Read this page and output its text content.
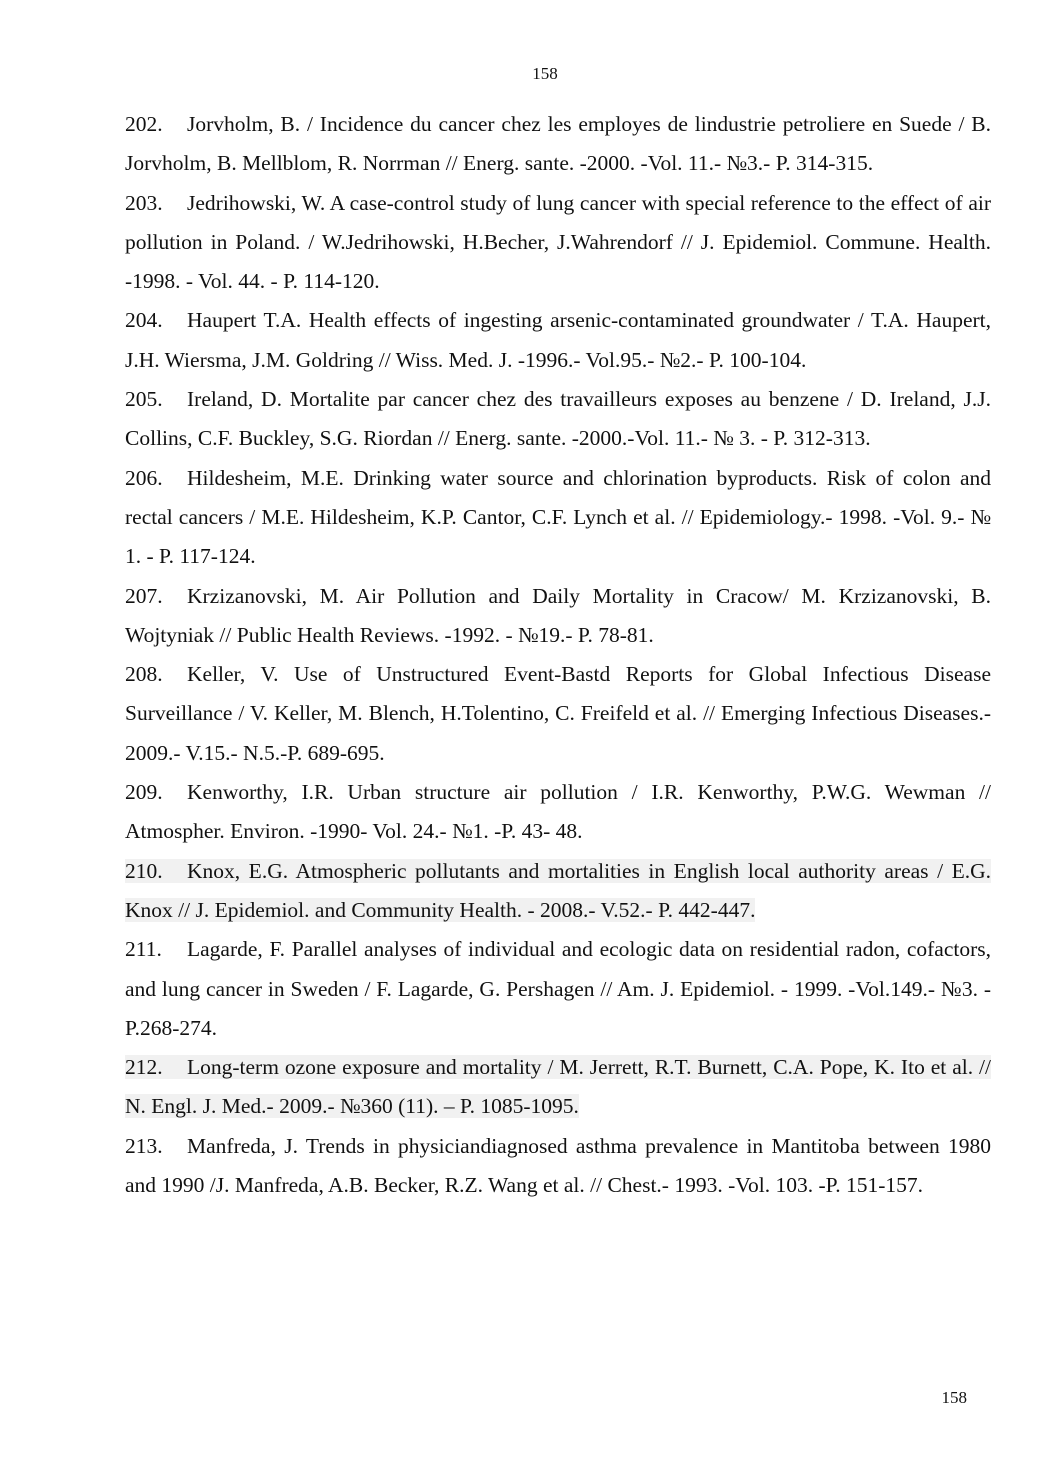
158
202. Jorvholm, B. / Incidence du cancer chez les employes de lindustrie petroliere en Suede / B. Jorvholm, B. Mellblom, R. Norrman // Energ. sante. -2000. -Vol. 11.- №3.- P. 314-315.
203. Jedrihowski, W. A case-control study of lung cancer with special reference to the effect of air pollution in Poland. / W.Jedrihowski, H.Becher, J.Wahrendorf // J. Epidemiol. Commune. Health. -1998. - Vol. 44. - P. 114-120.
204. Haupert T.A. Health effects of ingesting arsenic-contaminated groundwater / T.A. Haupert, J.H. Wiersma, J.M. Goldring // Wiss. Med. J. -1996.- Vol.95.- №2.- P. 100-104.
205. Ireland, D. Mortalite par cancer chez des travailleurs exposes au benzene / D. Ireland, J.J. Collins, C.F. Buckley, S.G. Riordan // Energ. sante. -2000.-Vol. 11.- № 3. - P. 312-313.
206. Hildesheim, M.E. Drinking water source and chlorination byproducts. Risk of colon and rectal cancers / M.E. Hildesheim, K.P. Cantor, C.F. Lynch et al. // Epidemiology.- 1998. -Vol. 9.- № 1. - P. 117-124.
207. Krzizanovski, M. Air Pollution and Daily Mortality in Cracow/ M. Krzizanovski, B. Wojtyniak // Public Health Reviews. -1992. - №19.- P. 78-81.
208. Keller, V. Use of Unstructured Event-Bastd Reports for Global Infectious Disease Surveillance / V. Keller, M. Blench, H.Tolentino, C. Freifeld et al. // Emerging Infectious Diseases.- 2009.- V.15.- N.5.-P. 689-695.
209. Kenworthy, I.R. Urban structure air pollution / I.R. Kenworthy, P.W.G. Wewman // Atmospher. Environ. -1990- Vol. 24.- №1. -P. 43- 48.
210. Knox, E.G. Atmospheric pollutants and mortalities in English local authority areas / E.G. Knox // J. Epidemiol. and Community Health. - 2008.- V.52.- P. 442-447.
211. Lagarde, F. Parallel analyses of individual and ecologic data on residential radon, cofactors, and lung cancer in Sweden / F. Lagarde, G. Pershagen // Am. J. Epidemiol. - 1999. -Vol.149.- №3. -P.268-274.
212. Long-term ozone exposure and mortality / M. Jerrett, R.T. Burnett, C.A. Pope, K. Ito et al. // N. Engl. J. Med.- 2009.- №360 (11). – P. 1085-1095.
213. Manfreda, J. Trends in physiciandiagnosed asthma prevalence in Mantitoba between 1980 and 1990 /J. Manfreda, A.B. Becker, R.Z. Wang et al. // Chest.- 1993. -Vol. 103. -P. 151-157.
158
